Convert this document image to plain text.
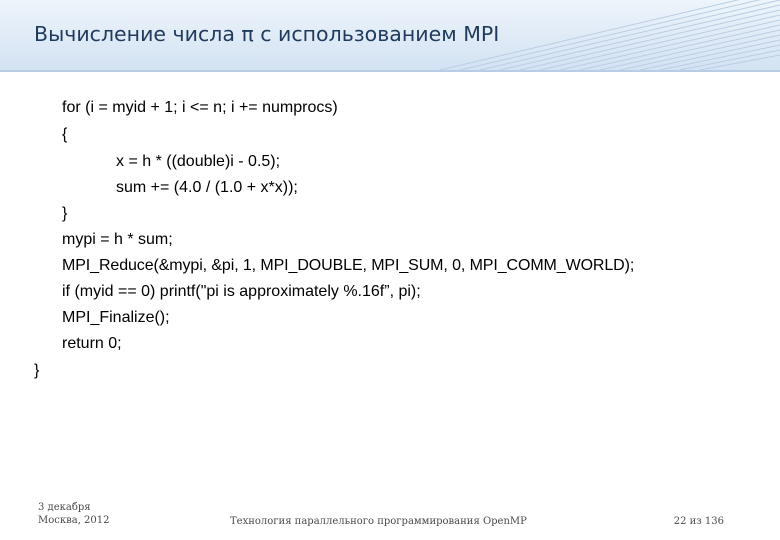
Вычисление числа π с использованием MPI
for (i = myid + 1; i <= n; i += numprocs)
{
x = h * ((double)i - 0.5);
sum += (4.0 / (1.0 + x*x));
}
mypi = h * sum;
MPI_Reduce(&mypi, &pi, 1, MPI_DOUBLE, MPI_SUM, 0, MPI_COMM_WORLD);
if (myid == 0) printf("pi is approximately %.16f”, pi);
MPI_Finalize();
return 0;
}
3 декабря
Москва, 2012	Технология параллельного программирования OpenMP	22 из 136
